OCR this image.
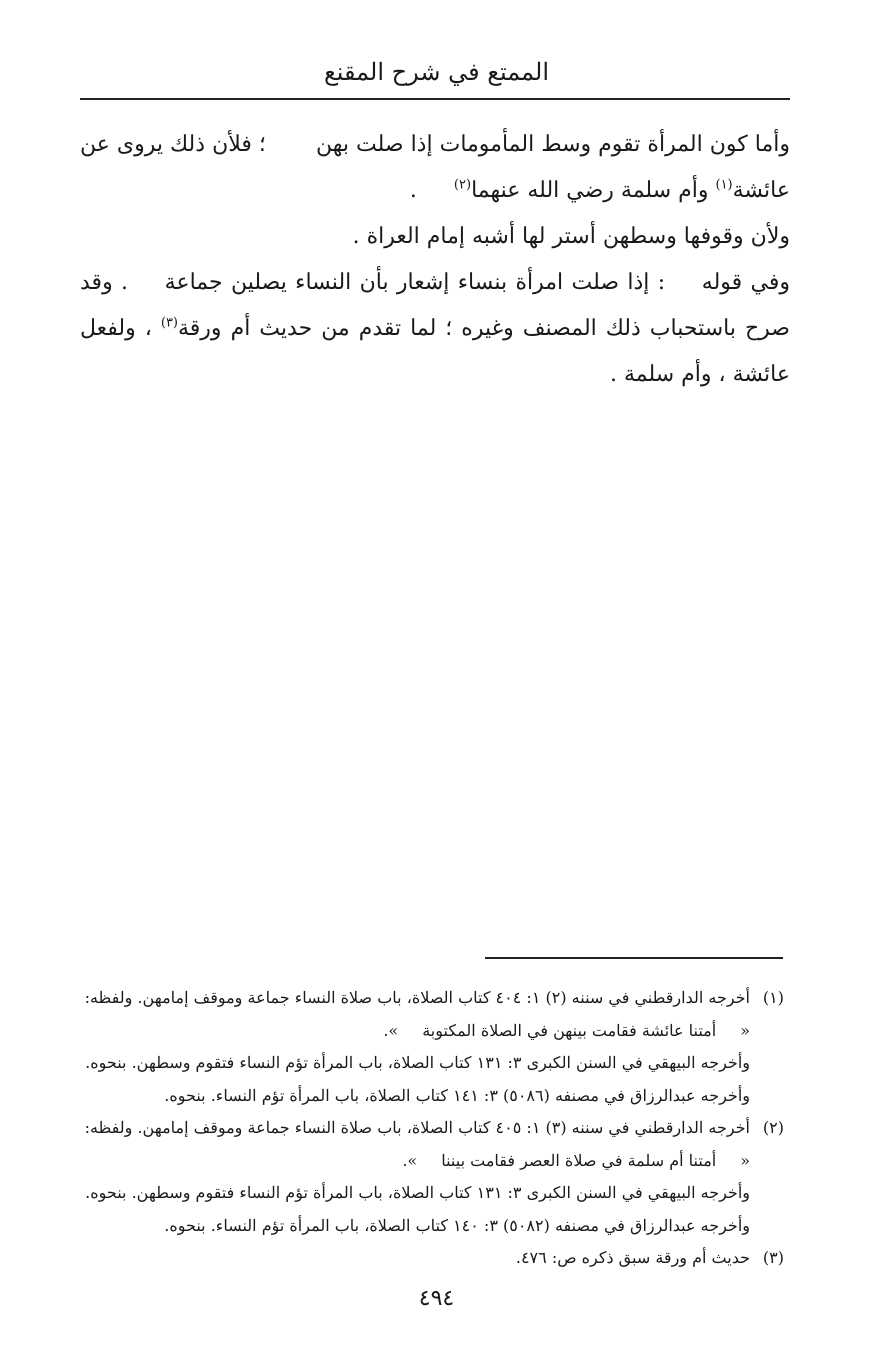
الممتع في شرح المقنع

وأما كون المرأة تقوم وسط المأمومات إذا صلت بهن  ؛ فلأن ذلك يروى عن عائشة$^{(١)}$ وأم سلمة رضي الله عنهما$^{(٢)}$ .

ولأن وقوفها وسطهن أستر لها أشبه إمام العراة .

وفي قوله  : إذا صلت امرأة بنساء إشعار بأن النساء يصلين جماعة  . وقد صرح باستحباب ذلك المصنف وغيره ؛ لما تقدم من حديث أم ورقة$^{(٣)}$ ، ولفعل عائشة ، وأم سلمة .

(١)
أخرجه الدارقطني في سننه (٢) ١: ٤٠٤ كتاب الصلاة، باب صلاة النساء جماعة وموقف إمامهن. ولفظه:
«أمتنا عائشة فقامت بينهن في الصلاة المكتوبة».
وأخرجه البيهقي في السنن الكبرى ٣: ١٣١ كتاب الصلاة، باب المرأة تؤم النساء فتقوم وسطهن. بنحوه.
وأخرجه عبدالرزاق في مصنفه (٥٠٨٦) ٣: ١٤١ كتاب الصلاة، باب المرأة تؤم النساء. بنحوه.
(٢)
أخرجه الدارقطني في سننه (٣) ١: ٤٠٥ كتاب الصلاة، باب صلاة النساء جماعة وموقف إمامهن. ولفظه:
«أمتنا أم سلمة في صلاة العصر فقامت بيننا».
وأخرجه البيهقي في السنن الكبرى ٣: ١٣١ كتاب الصلاة، باب المرأة تؤم النساء فتقوم وسطهن. بنحوه.
وأخرجه عبدالرزاق في مصنفه (٥٠٨٢) ٣: ١٤٠ كتاب الصلاة، باب المرأة تؤم النساء. بنحوه.
(٣)
حديث أم ورقة سبق ذكره ص: ٤٧٦.
٤٩٤
